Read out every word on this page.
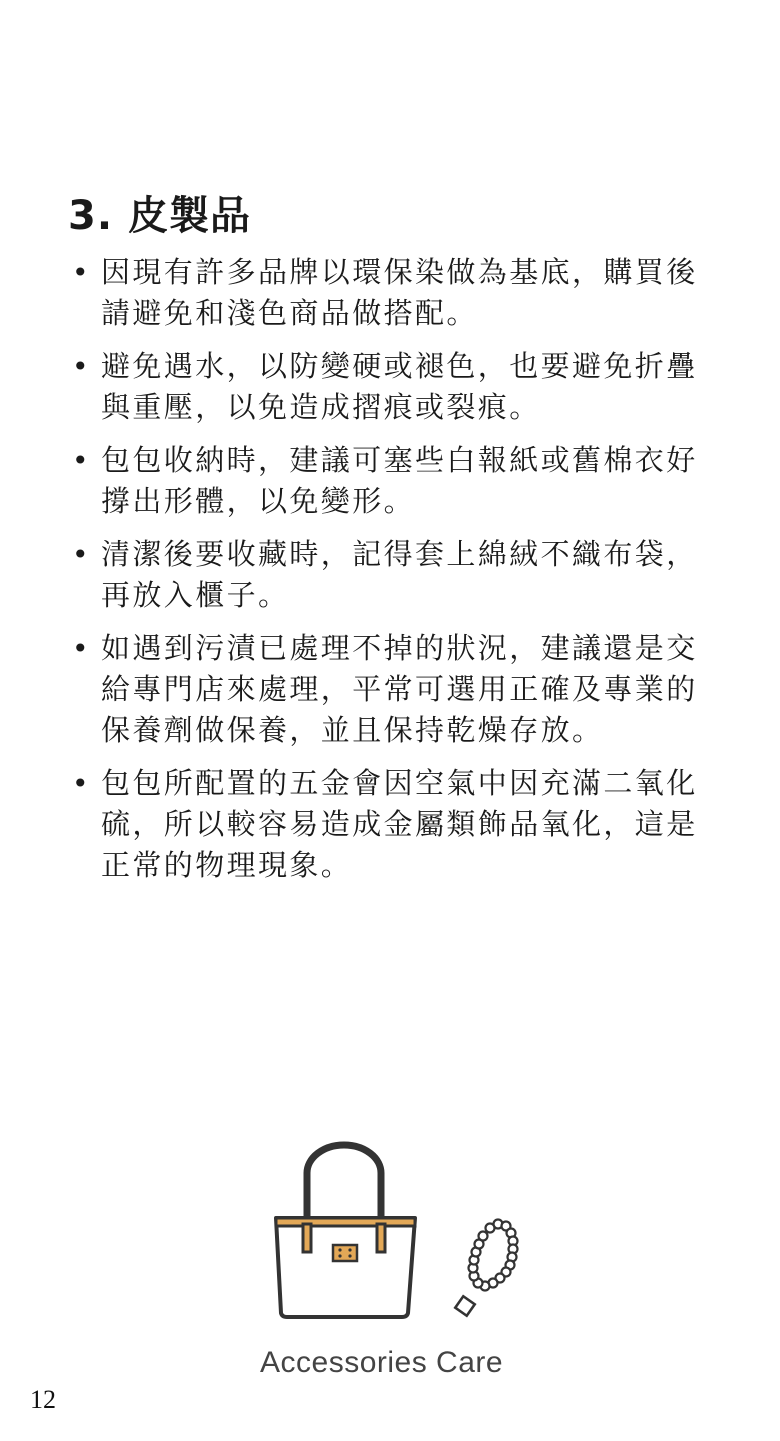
3. 皮製品
• 因現有許多品牌以環保染做為基底，購買後請避免和淺色商品做搭配。
• 避免遇水，以防變硬或褪色，也要避免折疊與重壓，以免造成摺痕或裂痕。
• 包包收納時，建議可塞些白報紙或舊棉衣好撐出形體，以免變形。
• 清潔後要收藏時，記得套上綿絨不織布袋，再放入櫃子。
• 如遇到污漬已處理不掉的狀況，建議還是交給專門店來處理，平常可選用正確及專業的保養劑做保養，並且保持乾燥存放。
• 包包所配置的五金會因空氣中因充滿二氧化硫，所以較容易造成金屬類飾品氧化，這是正常的物理現象。
Accessories Care
12
